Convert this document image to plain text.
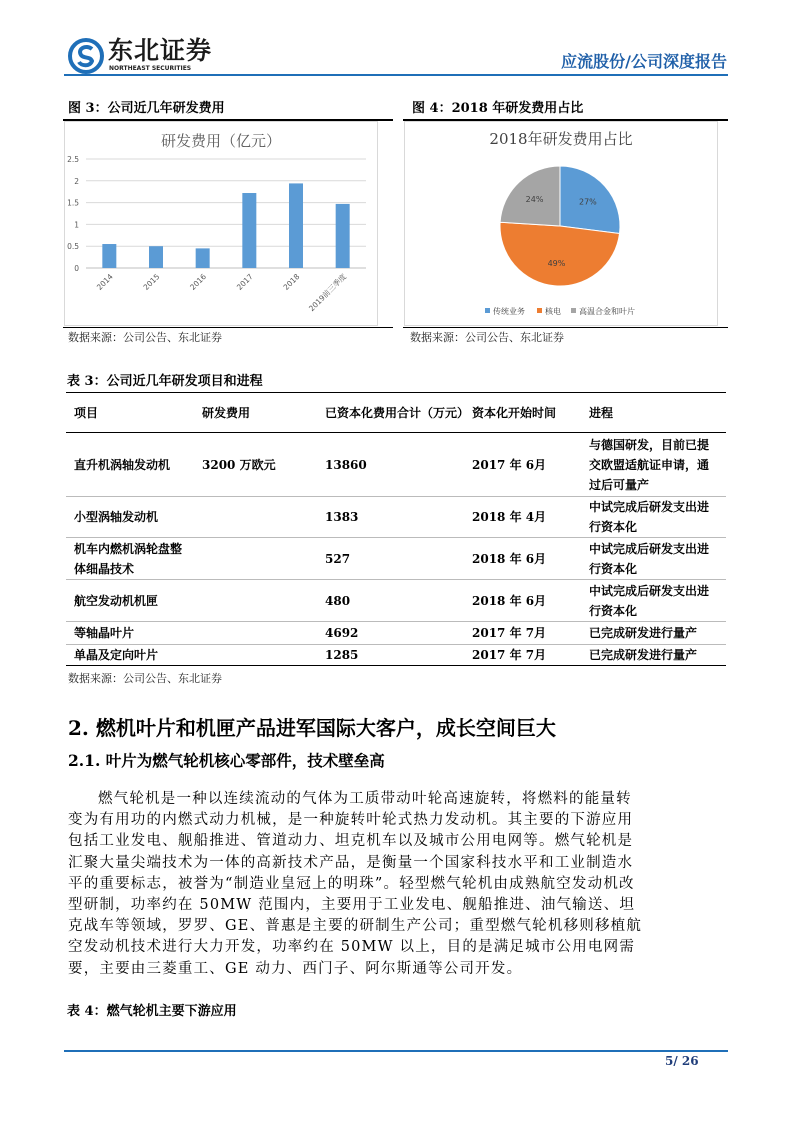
东北证券
NORTHEAST SECURITIES	应流股份/公司深度报告
图 3：公司近几年研发费用
研发费用（亿元）
0
0.5
1
1.5
2
2.5
2014	2015	2016	2017	2018 2019前三季度
数据来源：公司公告、东北证券
图 4：2018 年研发费用占比
2018年研发费用占比
27%
49%
24%
传统业务	核电 高温合金和叶片
数据来源：公司公告、东北证券
表 3：公司近几年研发项目和进程
项目	研发费用	已资本化费用合计（万元）	资本化开始时间	进程
直升机涡轴发动机	3200 万欧元	13860	2017 年 6月	与德国研发，目前已提交欧盟适航证申请，通过后可量产
小型涡轴发动机		1383	2018 年 4月	中试完成后研发支出进行资本化
机车内燃机涡轮盘整体细晶技术		527	2018 年 6月	中试完成后研发支出进行资本化
航空发动机机匣		480	2018 年 6月	中试完成后研发支出进行资本化
等轴晶叶片		4692	2017 年 7月	已完成研发进行量产
单晶及定向叶片		1285	2017 年 7月	已完成研发进行量产
数据来源：公司公告、东北证券
2. 燃机叶片和机匣产品进军国际大客户，成长空间巨大
2.1. 叶片为燃气轮机核心零部件，技术壁垒高
燃气轮机是一种以连续流动的气体为工质带动叶轮高速旋转，将燃料的能量转
变为有用功的内燃式动力机械，是一种旋转叶轮式热力发动机。其主要的下游应用
包括工业发电、舰船推进、管道动力、坦克机车以及城市公用电网等。燃气轮机是
汇聚大量尖端技术为一体的高新技术产品，是衡量一个国家科技水平和工业制造水
平的重要标志，被誉为“制造业皇冠上的明珠”。轻型燃气轮机由成熟航空发动机改
型研制，功率约在 50MW 范围内，主要用于工业发电、舰船推进、油气输送、坦
克战车等领域，罗罗、GE、普惠是主要的研制生产公司；重型燃气轮机移则移植航
空发动机技术进行大力开发，功率约在 50MW 以上，目的是满足城市公用电网需
要，主要由三菱重工、GE 动力、西门子、阿尔斯通等公司开发。
表 4：燃气轮机主要下游应用
5/ 26
